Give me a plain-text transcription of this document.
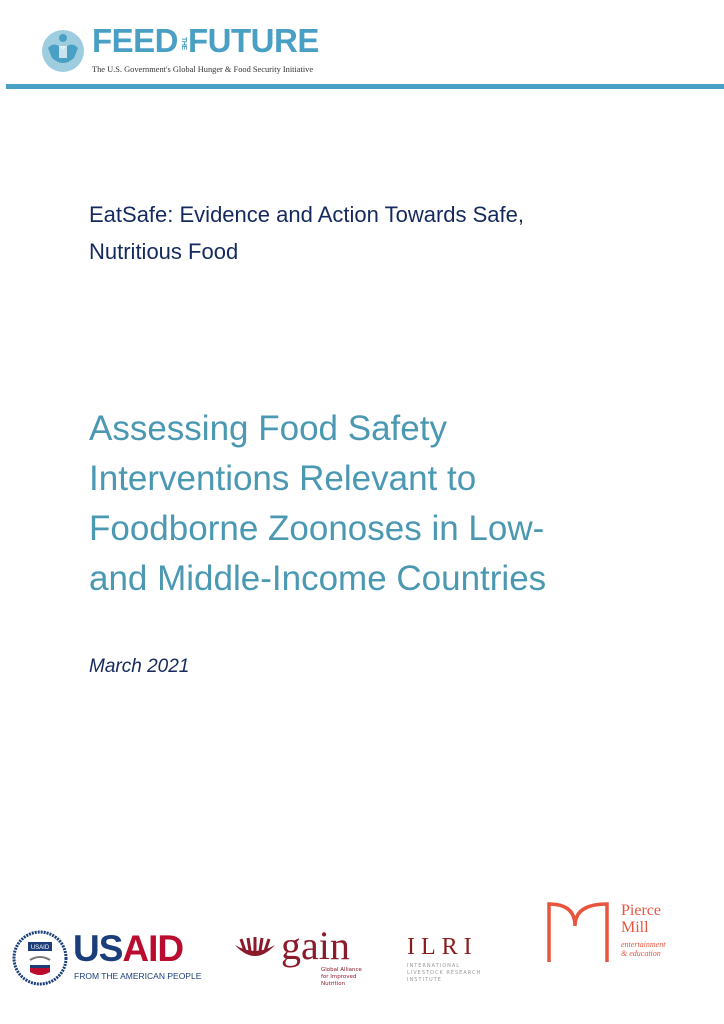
FEED THEFUTURE
The U.S. Government's Global Hunger & Food Security Initiative
EatSafe: Evidence and Action Towards Safe,
Nutritious Food
Assessing Food Safety
Interventions Relevant to
Foodborne Zoonoses in Low-
and Middle-Income Countries
March 2021
USAID USAID
FROM THE AMERICAN PEOPLE
gain
Global Alliance for Improved Nutrition
ILRI
INTERNATIONAL LIVESTOCK RESEARCH INSTITUTE
Pierce
Mill
entertainment
& education
